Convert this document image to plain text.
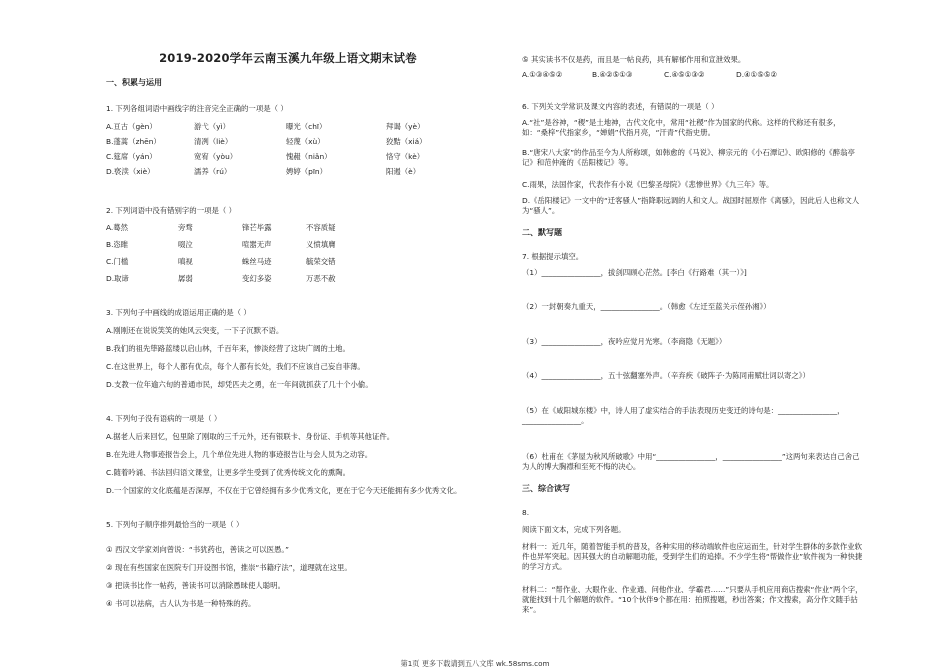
2019-2020学年云南玉溪九年级上语文期末试卷
一、积累与运用
1. 下列各组词语中画线字的注音完全正确的一项是（ ）
A.亘古（gèn）	游弋（yì）	曝光（chī）	拜谒（yè）
B.蓬蒿（zhēn）	清冽（liè）	轻蔑（xù）	狡黠（xiá）
C.筵席（yán）	宽宥（yòu）	愧赧（niǎn）	恪守（kè）
D.亵渎（xiè）	濡养（rú）	娉婷（pīn）	阳遏（è）
2. 下列词语中没有错别字的一项是（ ）
A.蓦然	旁骛	锋芒毕露	不容质疑
B.恣睢	啜泣	喧嚣无声	义愤填膺
C.门槛	嗔视	蛛丝马迹	毓荣交错
D.取谛	孱弱	变幻多姿	万恶不赦
3. 下列句子中画线的成语运用正确的是（ ）
A.刚刚还在说说笑笑的她风云突变，一下子沉默不语。
B.我们的祖先筚路蓝缕以启山林，千百年来，惨淡经营了这块广阔的土地。
C.在这世界上，每个人都有优点，每个人都有长处，我们不应该自己妄自菲薄。
D.支教一位年逾六旬的普通市民，却凭匹夫之勇，在一年间就抓获了几十个小偷。
4. 下列句子没有语病的一项是（ ）
A.据老人后来回忆，包里除了刚取的三千元外，还有银联卡、身份证、手机等其他证件。
B.在先进人物事迹报告会上，几个单位先进人物的事迹报告让与会人员为之动容。
C.随着吟诵、书法回归语文课堂，让更多学生受到了优秀传统文化的熏陶。
D.一个国家的文化底蕴是否深厚，不仅在于它曾经拥有多少优秀文化，更在于它今天还能拥有多少优秀文化。
5. 下列句子顺序排列最恰当的一项是（ ）
① 西汉文学家刘向曾说：“书犹药也，善读之可以医愚。”
② 现在有些国家在医院专门开设图书馆，推崇“书籍疗法”，道理就在这里。
③ 把读书比作一帖药，善读书可以消除愚昧使人聪明。
④ 书可以祛病，古人认为书是一种特殊的药。
⑤ 其实读书不仅是药，而且是一帖良药，具有解郁作用和宣泄效果。
A.①③④⑤②	B.④②⑤①③	C.④⑤①③②	D.④①⑤⑤②
6. 下列关文学常识及课文内容的表述，有错误的一项是（ ）
A.“社”是谷神，“稷”是土地神，古代文化中，常用“社稷”作为国家的代称。这样的代称还有很多，如：“桑梓”代指家乡，“婵娟”代指月亮，“汗青”代指史册。
B.“唐宋八大家”的作品至今为人所称颂，如韩愈的《马说》、柳宗元的《小石潭记》、欧阳修的《醉翁亭记》和范仲淹的《岳阳楼记》等。
C.雨果，法国作家，代表作有小说《巴黎圣母院》《悲惨世界》《九三年》等。
D.《岳阳楼记》一文中的“迁客骚人”指降职远调的人和文人。战国时屈原作《离骚》，因此后人也称文人为“骚人”。
二、默写题
7. 根据提示填空。
（1）________________，拔剑四顾心茫然。[李白《行路难（其一）》]
（2）一封朝奏九重天，________________。（韩愈《左迁至蓝关示侄孙湘》）
（3）________________，夜吟应觉月光寒。（李商隐《无题》）
（4）________________，五十弦翻塞外声。（辛弃疾《破阵子·为陈同甫赋壮词以寄之》）
（5）在《咸阳城东楼》中，诗人用了虚实结合的手法表现历史变迁的诗句是：________________，________________。
（6）杜甫在《茅屋为秋风所破歌》中用“________________，________________”这两句来表达自己舍己为人的博大胸襟和至死不悔的决心。
三、综合读写
8.
阅读下面文本，完成下列各题。
材料一：近几年，随着智能手机的普及，各种实用的移动端软件也应运而生，针对学生群体的多款作业软件也异军突起。因其强大的自动解题功能，受到学生们的追捧。不少学生将“帮做作业”软件视为一种快捷的学习方式。
材料二：“帮作业、大眼作业、作业通、问他作业、学霸君……”只要从手机应用商店搜索“作业”两个字，就能找到十几个解题的软件。“10个伙伴9个都在用：拍照搜题，秒出答案；作文搜索，高分作文随手拈来”。
第1页 更多下载请到五八文库 wk.58sms.com
